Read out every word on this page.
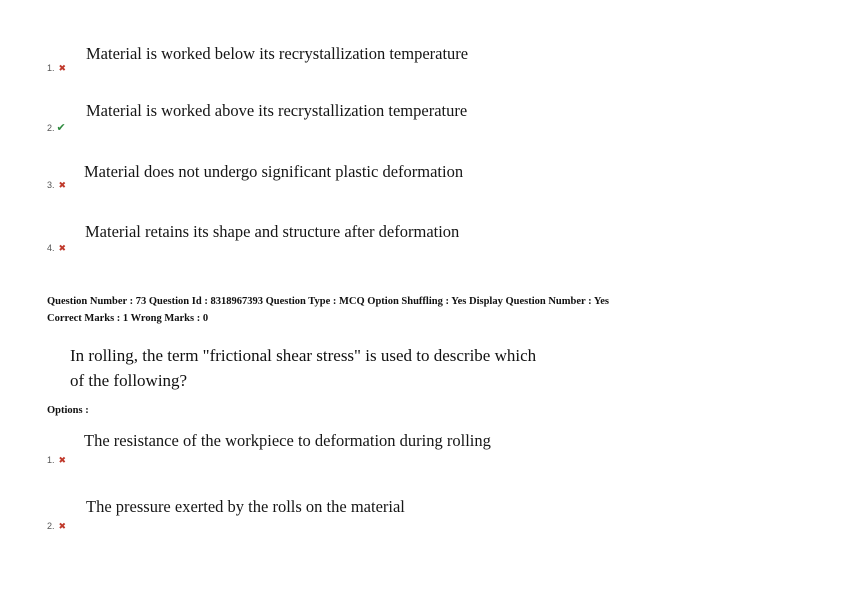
Material is worked below its recrystallization temperature
1. ✖
Material is worked above its recrystallization temperature
2. ✔
Material does not undergo significant plastic deformation
3. ✖
Material retains its shape and structure after deformation
4. ✖
Question Number : 73 Question Id : 8318967393 Question Type : MCQ Option Shuffling : Yes Display Question Number : Yes
Correct Marks : 1 Wrong Marks : 0
In rolling, the term "frictional shear stress" is used to describe which
of the following?
Options :
The resistance of the workpiece to deformation during rolling
1. ✖
The pressure exerted by the rolls on the material
2. ✖
